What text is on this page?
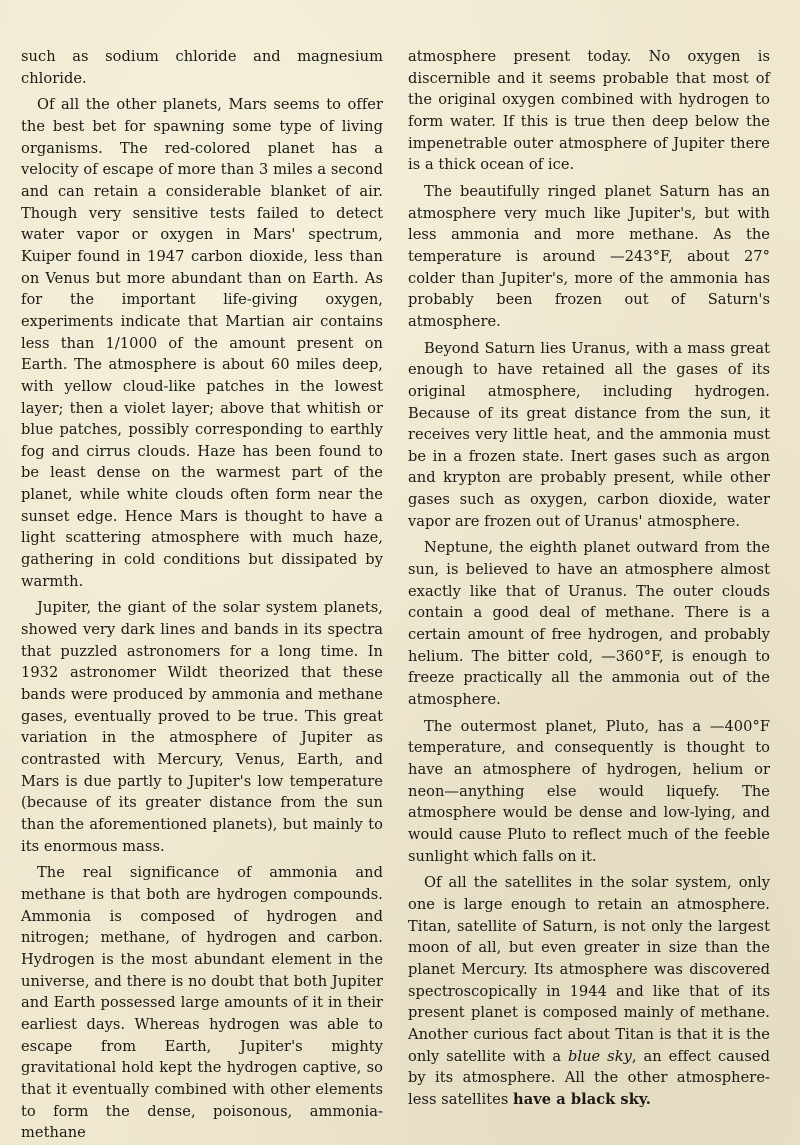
such as sodium chloride and magnesium chloride.

Of all the other planets, Mars seems to offer the best bet for spawning some type of living organisms. The red-colored planet has a velocity of escape of more than 3 miles a second and can retain a considerable blanket of air. Though very sensitive tests failed to detect water vapor or oxygen in Mars' spectrum, Kuiper found in 1947 carbon dioxide, less than on Venus but more abundant than on Earth. As for the important life-giving oxygen, experiments indicate that Martian air contains less than 1/1000 of the amount present on Earth. The atmosphere is about 60 miles deep, with yellow cloud-like patches in the lowest layer; then a violet layer; above that whitish or blue patches, possibly corresponding to earthly fog and cirrus clouds. Haze has been found to be least dense on the warmest part of the planet, while white clouds often form near the sunset edge. Hence Mars is thought to have a light scattering atmosphere with much haze, gathering in cold conditions but dissipated by warmth.

Jupiter, the giant of the solar system planets, showed very dark lines and bands in its spectra that puzzled astronomers for a long time. In 1932 astronomer Wildt theorized that these bands were produced by ammonia and methane gases, eventually proved to be true. This great variation in the atmosphere of Jupiter as contrasted with Mercury, Venus, Earth, and Mars is due partly to Jupiter's low temperature (because of its greater distance from the sun than the aforementioned planets), but mainly to its enormous mass.

The real significance of ammonia and methane is that both are hydrogen compounds. Ammonia is composed of hydrogen and nitrogen; methane, of hydrogen and carbon. Hydrogen is the most abundant element in the universe, and there is no doubt that both Jupiter and Earth possessed large amounts of it in their earliest days. Whereas hydrogen was able to escape from Earth, Jupiter's mighty gravitational hold kept the hydrogen captive, so that it eventually combined with other elements to form the dense, poisonous, ammonia-methane

atmosphere present today. No oxygen is discernible and it seems probable that most of the original oxygen combined with hydrogen to form water. If this is true then deep below the impenetrable outer atmosphere of Jupiter there is a thick ocean of ice.

The beautifully ringed planet Saturn has an atmosphere very much like Jupiter's, but with less ammonia and more methane. As the temperature is around —243°F, about 27° colder than Jupiter's, more of the ammonia has probably been frozen out of Saturn's atmosphere.

Beyond Saturn lies Uranus, with a mass great enough to have retained all the gases of its original atmosphere, including hydrogen. Because of its great distance from the sun, it receives very little heat, and the ammonia must be in a frozen state. Inert gases such as argon and krypton are probably present, while other gases such as oxygen, carbon dioxide, water vapor are frozen out of Uranus' atmosphere.

Neptune, the eighth planet outward from the sun, is believed to have an atmosphere almost exactly like that of Uranus. The outer clouds contain a good deal of methane. There is a certain amount of free hydrogen, and probably helium. The bitter cold, —360°F, is enough to freeze practically all the ammonia out of the atmosphere.

The outermost planet, Pluto, has a —400°F temperature, and consequently is thought to have an atmosphere of hydrogen, helium or neon—anything else would liquefy. The atmosphere would be dense and low-lying, and would cause Pluto to reflect much of the feeble sunlight which falls on it.

Of all the satellites in the solar system, only one is large enough to retain an atmosphere. Titan, satellite of Saturn, is not only the largest moon of all, but even greater in size than the planet Mercury. Its atmosphere was discovered spectroscopically in 1944 and like that of its present planet is composed mainly of methane. Another curious fact about Titan is that it is the only satellite with a blue sky, an effect caused by its atmosphere. All the other atmosphere-less satellites have a black sky.
